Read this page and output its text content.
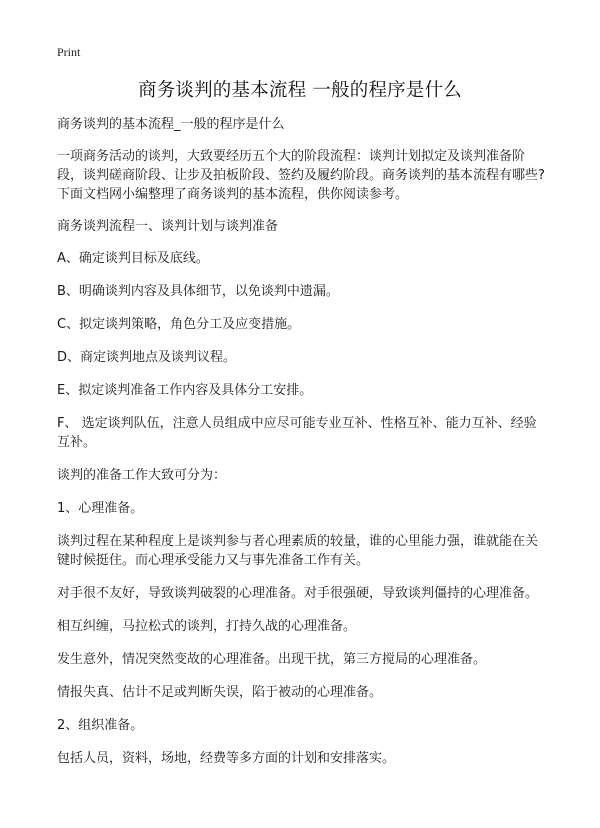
Print
商务谈判的基本流程 一般的程序是什么

商务谈判的基本流程_一般的程序是什么

一项商务活动的谈判，大致要经历五个大的阶段流程：谈判计划拟定及谈判准备阶段，谈判磋商阶段、让步及拍板阶段、签约及履约阶段。商务谈判的基本流程有哪些?下面文档网小编整理了商务谈判的基本流程，供你阅读参考。

商务谈判流程一、谈判计划与谈判准备

A、确定谈判目标及底线。

B、明确谈判内容及具体细节，以免谈判中遗漏。

C、拟定谈判策略，角色分工及应变措施。

D、商定谈判地点及谈判议程。

E、拟定谈判准备工作内容及具体分工安排。

F、 选定谈判队伍，注意人员组成中应尽可能专业互补、性格互补、能力互补、经验互补。

谈判的准备工作大致可分为：

1、心理准备。

谈判过程在某种程度上是谈判参与者心理素质的较量，谁的心里能力强，谁就能在关键时候挺住。而心理承受能力又与事先准备工作有关。

对手很不友好，导致谈判破裂的心理准备。对手很强硬，导致谈判僵持的心理准备。

相互纠缠，马拉松式的谈判，打持久战的心理准备。

发生意外，情况突然变故的心理准备。出现干扰，第三方搅局的心理准备。

情报失真、估计不足或判断失误，陷于被动的心理准备。

2、组织准备。

包括人员，资料，场地，经费等多方面的计划和安排落实。
